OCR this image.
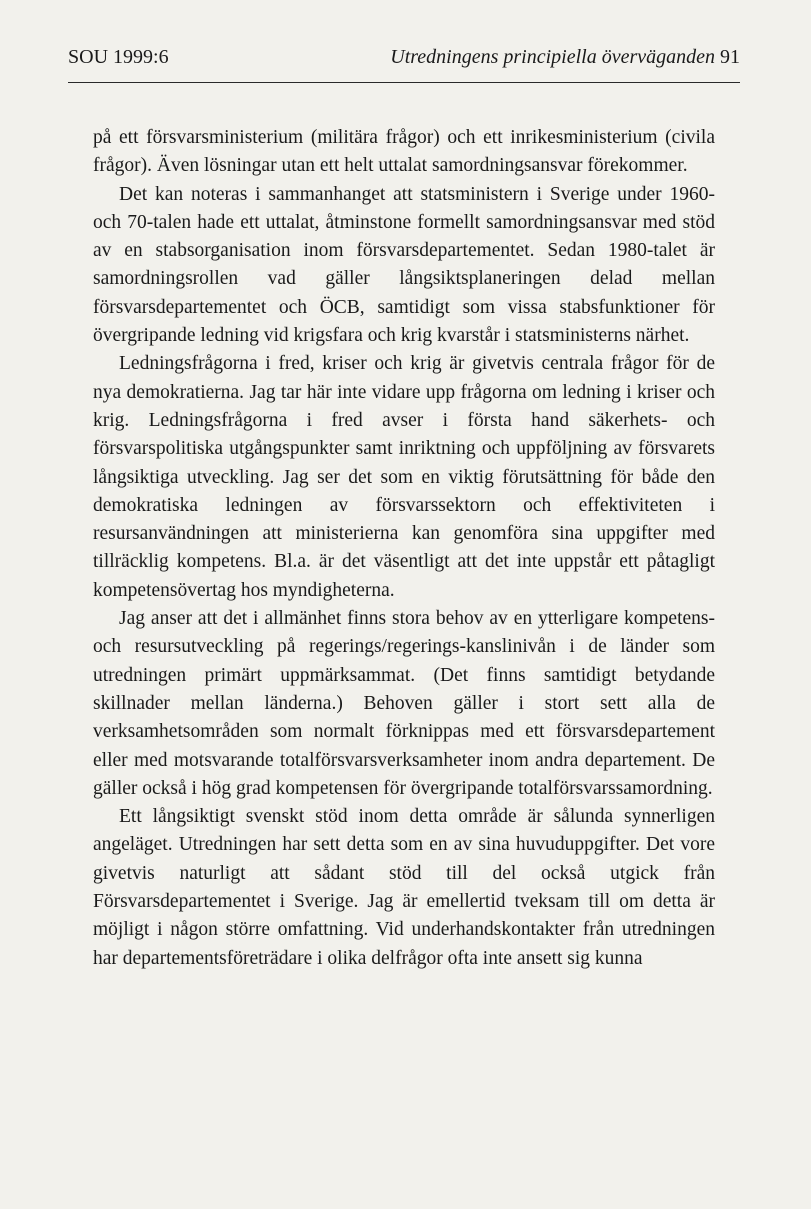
SOU 1999:6	Utredningens principiella överväganden 91

på ett försvarsministerium (militära frågor) och ett inrikesministerium (civila frågor). Även lösningar utan ett helt uttalat samordningsansvar förekommer.

Det kan noteras i sammanhanget att statsministern i Sverige under 1960- och 70-talen hade ett uttalat, åtminstone formellt samordningsansvar med stöd av en stabsorganisation inom försvarsdepartementet. Sedan 1980-talet är samordningsrollen vad gäller långsiktsplaneringen delad mellan försvarsdepartementet och ÖCB, samtidigt som vissa stabsfunktioner för övergripande ledning vid krigsfara och krig kvarstår i statsministerns närhet.

Ledningsfrågorna i fred, kriser och krig är givetvis centrala frågor för de nya demokratierna. Jag tar här inte vidare upp frågorna om ledning i kriser och krig. Ledningsfrågorna i fred avser i första hand säkerhets- och försvarspolitiska utgångspunkter samt inriktning och uppföljning av försvarets långsiktiga utveckling. Jag ser det som en viktig förutsättning för både den demokratiska ledningen av försvarssektorn och effektiviteten i resursanvändningen att ministerierna kan genomföra sina uppgifter med tillräcklig kompetens. Bl.a. är det väsentligt att det inte uppstår ett påtagligt kompetensövertag hos myndigheterna.

Jag anser att det i allmänhet finns stora behov av en ytterligare kompetens- och resursutveckling på regerings/regerings-kanslinivån i de länder som utredningen primärt uppmärksammat. (Det finns samtidigt betydande skillnader mellan länderna.) Behoven gäller i stort sett alla de verksamhetsområden som normalt förknippas med ett försvarsdepartement eller med motsvarande totalförsvarsverksamheter inom andra departement. De gäller också i hög grad kompetensen för övergripande totalförsvarssamordning.

Ett långsiktigt svenskt stöd inom detta område är sålunda synnerligen angeläget. Utredningen har sett detta som en av sina huvuduppgifter. Det vore givetvis naturligt att sådant stöd till del också utgick från Försvarsdepartementet i Sverige. Jag är emellertid tveksam till om detta är möjligt i någon större omfattning. Vid underhandskontakter från utredningen har departementsföreträdare i olika delfrågor ofta inte ansett sig kunna
